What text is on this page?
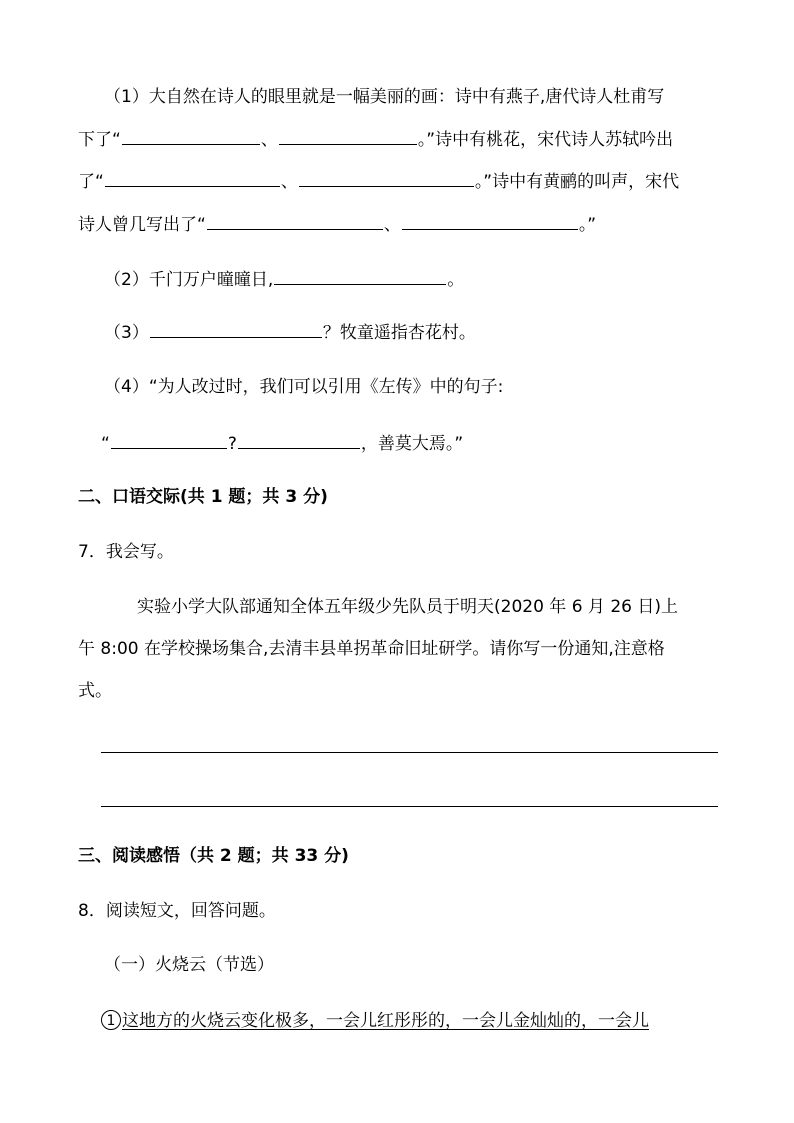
（1）大自然在诗人的眼里就是一幅美丽的画：诗中有燕子,唐代诗人杜甫写
下了“	、	。”诗中有桃花，宋代诗人苏轼吟出
了“	、	。”诗中有黄鹂的叫声，宋代
诗人曾几写出了“	、	。”
（2）千门万户曈曈日,	。
（3）	？牧童遥指杏花村。
（4）“为人改过时，我们可以引用《左传》中的句子:
“	?	，善莫大焉。”
二、口语交际(共 1 题；共 3 分)
7．我会写。
实验小学大队部通知全体五年级少先队员于明天(2020 年 6 月 26 日)上
午 8:00 在学校操场集合,去清丰县单拐革命旧址研学。请你写一份通知,注意格
式。
三、阅读感悟（共 2 题；共 33 分)
8．阅读短文，回答问题。
（一）火烧云（节选）
1 这地方的火烧云变化极多，一会儿红彤彤的，一会儿金灿灿的，一会儿
